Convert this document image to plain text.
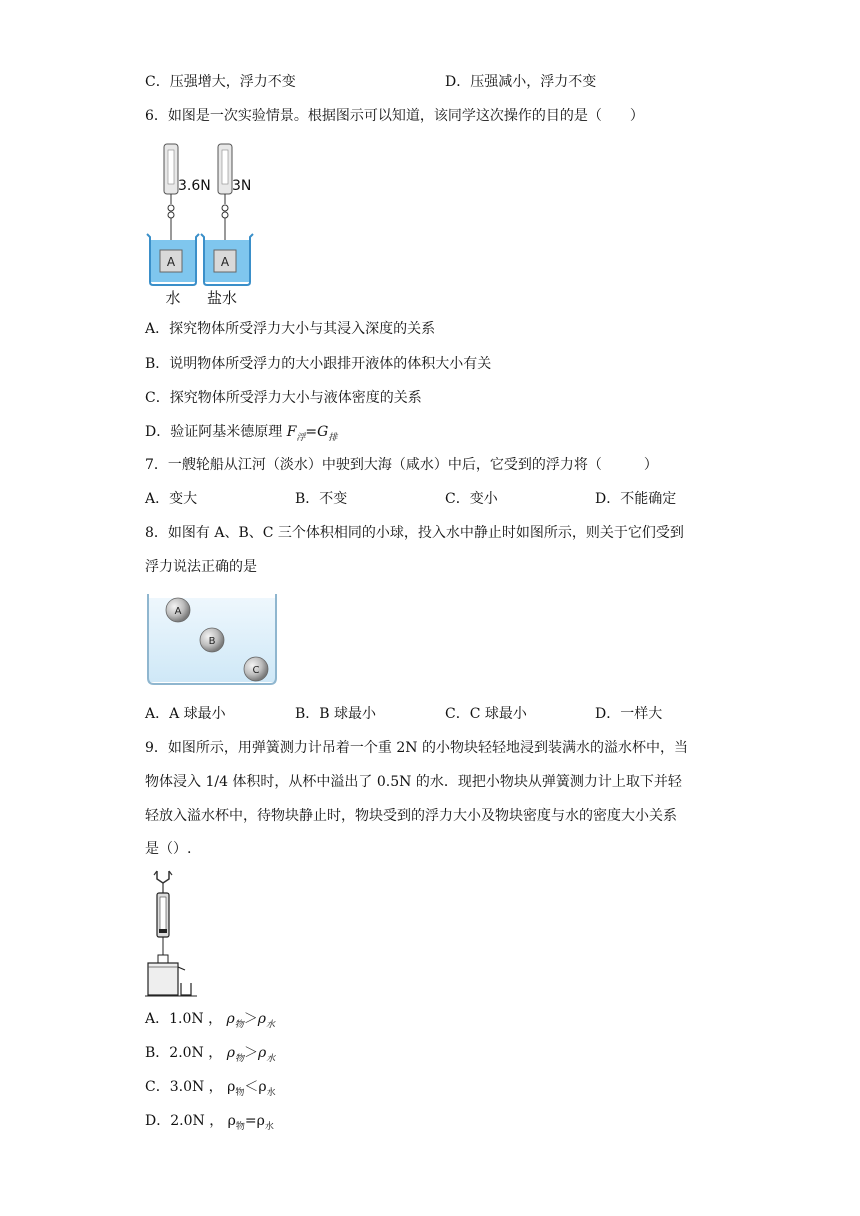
C．压强增大，浮力不变	D．压强减小，浮力不变
6．如图是一次实验情景。根据图示可以知道，该同学这次操作的目的是（　　）
3.6N 3N
A
水
A
盐水
A．探究物体所受浮力大小与其浸入深度的关系
B．说明物体所受浮力的大小跟排开液体的体积大小有关
C．探究物体所受浮力大小与液体密度的关系
D．验证阿基米德原理 $F_浮=G_排$
7．一艘轮船从江河（淡水）中驶到大海（咸水）中后，它受到的浮力将（　　　）
A．变大	B．不变	C．变小	D．不能确定
8．如图有 A、B、C 三个体积相同的小球，投入水中静止时如图所示，则关于它们受到
浮力说法正确的是
A
B
C
A．A 球最小	B．B 球最小	C．C 球最小	D．一样大
9．如图所示，用弹簧测力计吊着一个重 2N 的小物块轻轻地浸到装满水的溢水杯中，当
物体浸入 1/4 体积时，从杯中溢出了 0.5N 的水．现把小物块从弹簧测力计上取下并轻
轻放入溢水杯中，待物块静止时，物块受到的浮力大小及物块密度与水的密度大小关系
是（）.
A．1.0N ， $\rho_物>\rho_水$
B．2.0N ， $\rho_物>\rho_水$
C．3.0N ， $\rho_物<\rho_水$
D．2.0N ， $\rho_物=\rho_水$
